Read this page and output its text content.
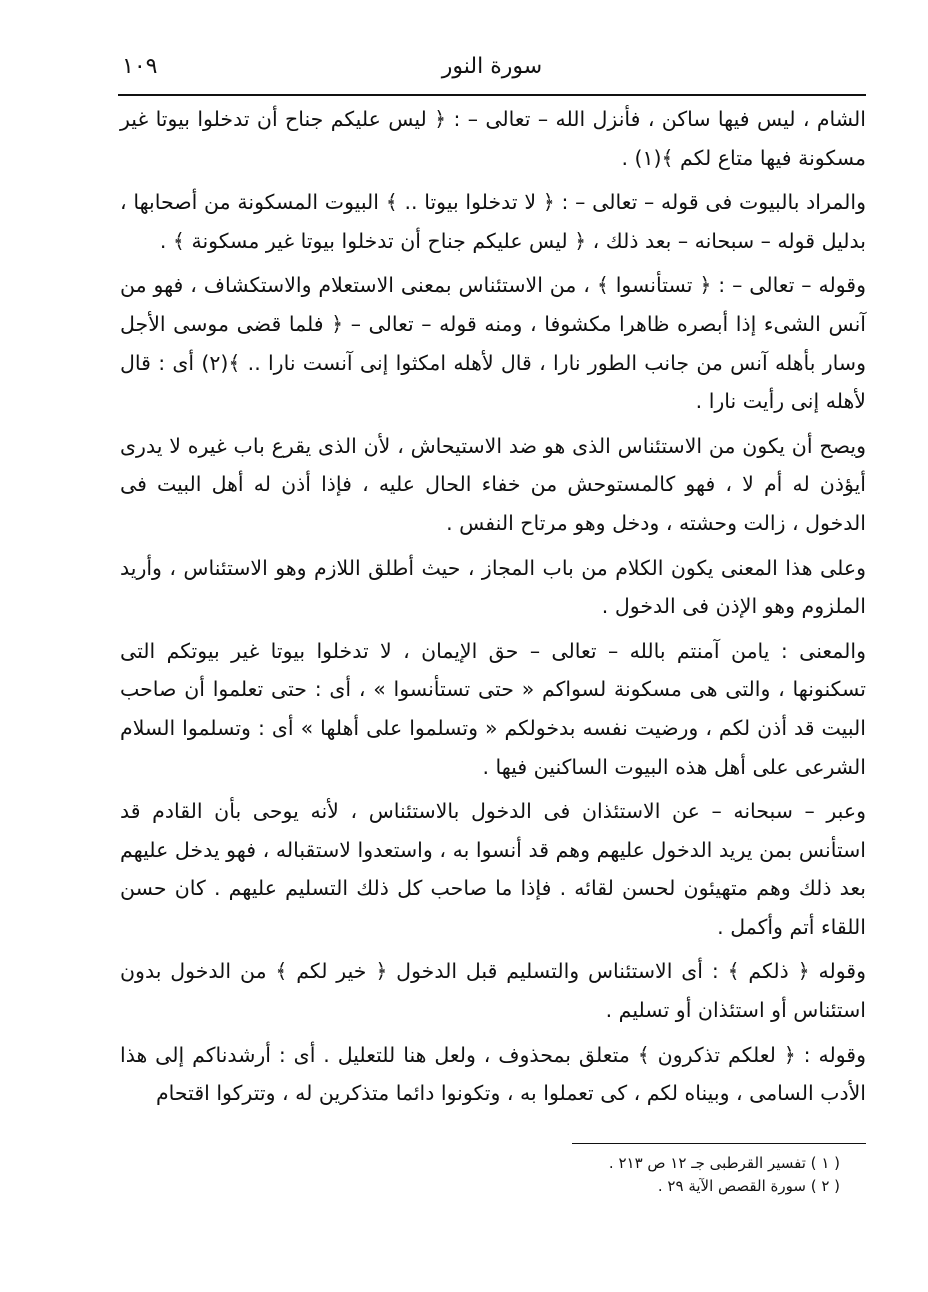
١٠٩	سورة النور

الشام ، ليس فيها ساكن ، فأنزل الله – تعالى – : ﴿ ليس عليكم جناح أن تدخلوا بيوتا غير مسكونة فيها متاع لكم ﴾(١) .

والمراد بالبيوت فى قوله – تعالى – : ﴿ لا تدخلوا بيوتا .. ﴾ البيوت المسكونة من أصحابها ، بدليل قوله – سبحانه – بعد ذلك ، ﴿ ليس عليكم جناح أن تدخلوا بيوتا غير مسكونة ﴾ .

وقوله – تعالى – : ﴿ تستأنسوا ﴾ ، من الاستئناس بمعنى الاستعلام والاستكشاف ، فهو من آنس الشىء إذا أبصره ظاهرا مكشوفا ، ومنه قوله – تعالى – ﴿ فلما قضى موسى الأجل وسار بأهله آنس من جانب الطور نارا ، قال لأهله امكثوا إنى آنست نارا .. ﴾(٢) أى : قال لأهله إنى رأيت نارا .

ويصح أن يكون من الاستئناس الذى هو ضد الاستيحاش ، لأن الذى يقرع باب غيره لا يدرى أيؤذن له أم لا ، فهو كالمستوحش من خفاء الحال عليه ، فإذا أذن له أهل البيت فى الدخول ، زالت وحشته ، ودخل وهو مرتاح النفس .

وعلى هذا المعنى يكون الكلام من باب المجاز ، حيث أطلق اللازم وهو الاستئناس ، وأريد الملزوم وهو الإذن فى الدخول .

والمعنى : يامن آمنتم بالله – تعالى – حق الإيمان ، لا تدخلوا بيوتا غير بيوتكم التى تسكنونها ، والتى هى مسكونة لسواكم « حتى تستأنسوا » ، أى : حتى تعلموا أن صاحب البيت قد أذن لكم ، ورضيت نفسه بدخولكم « وتسلموا على أهلها » أى : وتسلموا السلام الشرعى على أهل هذه البيوت الساكنين فيها .

وعبر – سبحانه – عن الاستئذان فى الدخول بالاستئناس ، لأنه يوحى بأن القادم قد استأنس بمن يريد الدخول عليهم وهم قد أنسوا به ، واستعدوا لاستقباله ، فهو يدخل عليهم بعد ذلك وهم متهيئون لحسن لقائه . فإذا ما صاحب كل ذلك التسليم عليهم . كان حسن اللقاء أتم وأكمل .

وقوله ﴿ ذلكم ﴾ : أى الاستئناس والتسليم قبل الدخول ﴿ خير لكم ﴾ من الدخول بدون استئناس أو استئذان أو تسليم .

وقوله : ﴿ لعلكم تذكرون ﴾ متعلق بمحذوف ، ولعل هنا للتعليل . أى : أرشدناكم إلى هذا الأدب السامى ، وبيناه لكم ، كى تعملوا به ، وتكونوا دائما متذكرين له ، وتتركوا اقتحام

( ١ ) تفسير القرطبى جـ ١٢ ص ٢١٣ .

( ٢ ) سورة القصص الآية ٢٩ .
